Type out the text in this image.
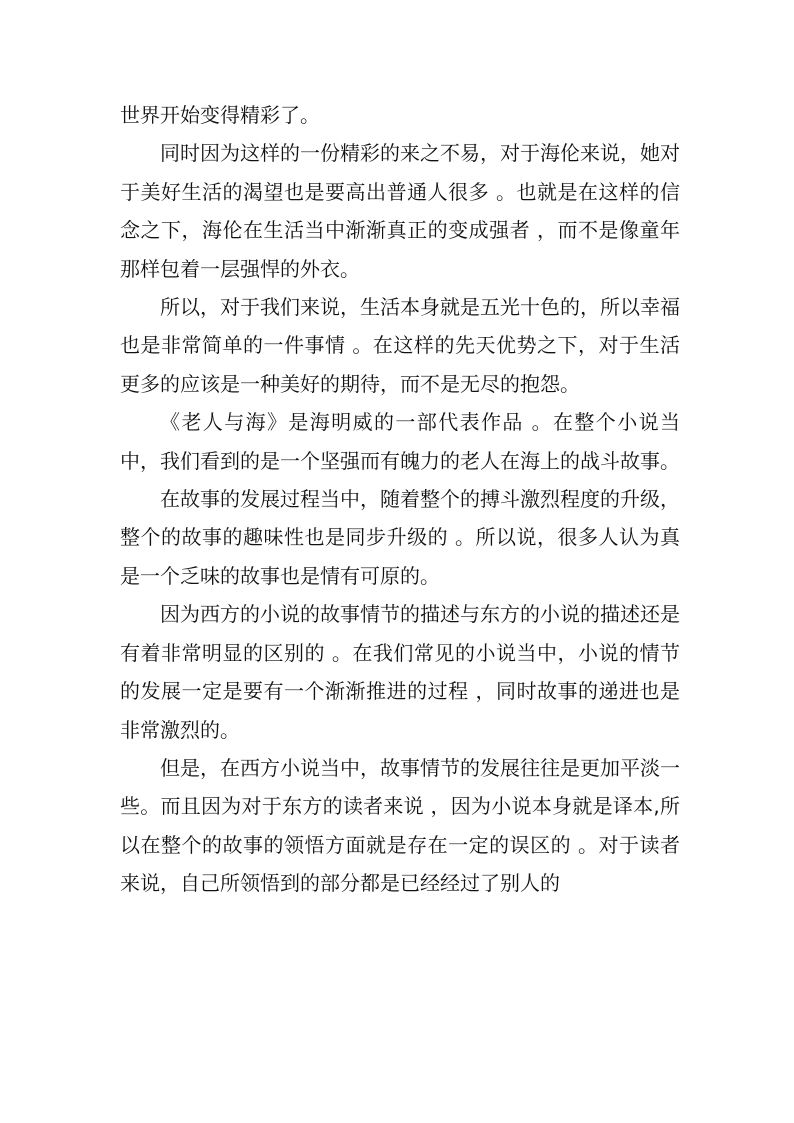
世界开始变得精彩了。

同时因为这样的一份精彩的来之不易，对于海伦来说，她对于美好生活的渴望也是要高出普通人很多 。也就是在这样的信念之下，海伦在生活当中渐渐真正的变成强者 ，而不是像童年那样包着一层强悍的外衣。

所以，对于我们来说，生活本身就是五光十色的，所以幸福也是非常简单的一件事情 。在这样的先天优势之下，对于生活更多的应该是一种美好的期待，而不是无尽的抱怨。

《老人与海》是海明威的一部代表作品 。在整个小说当中，我们看到的是一个坚强而有魄力的老人在海上的战斗故事。

在故事的发展过程当中，随着整个的搏斗激烈程度的升级，整个的故事的趣味性也是同步升级的 。所以说，很多人认为真是一个乏味的故事也是情有可原的。

因为西方的小说的故事情节的描述与东方的小说的描述还是有着非常明显的区别的 。在我们常见的小说当中，小说的情节的发展一定是要有一个渐渐推进的过程 ，同时故事的递进也是非常激烈的。

但是，在西方小说当中，故事情节的发展往往是更加平淡一些。而且因为对于东方的读者来说 ，因为小说本身就是译本,所以在整个的故事的领悟方面就是存在一定的误区的 。对于读者来说，自己所领悟到的部分都是已经经过了别人的
